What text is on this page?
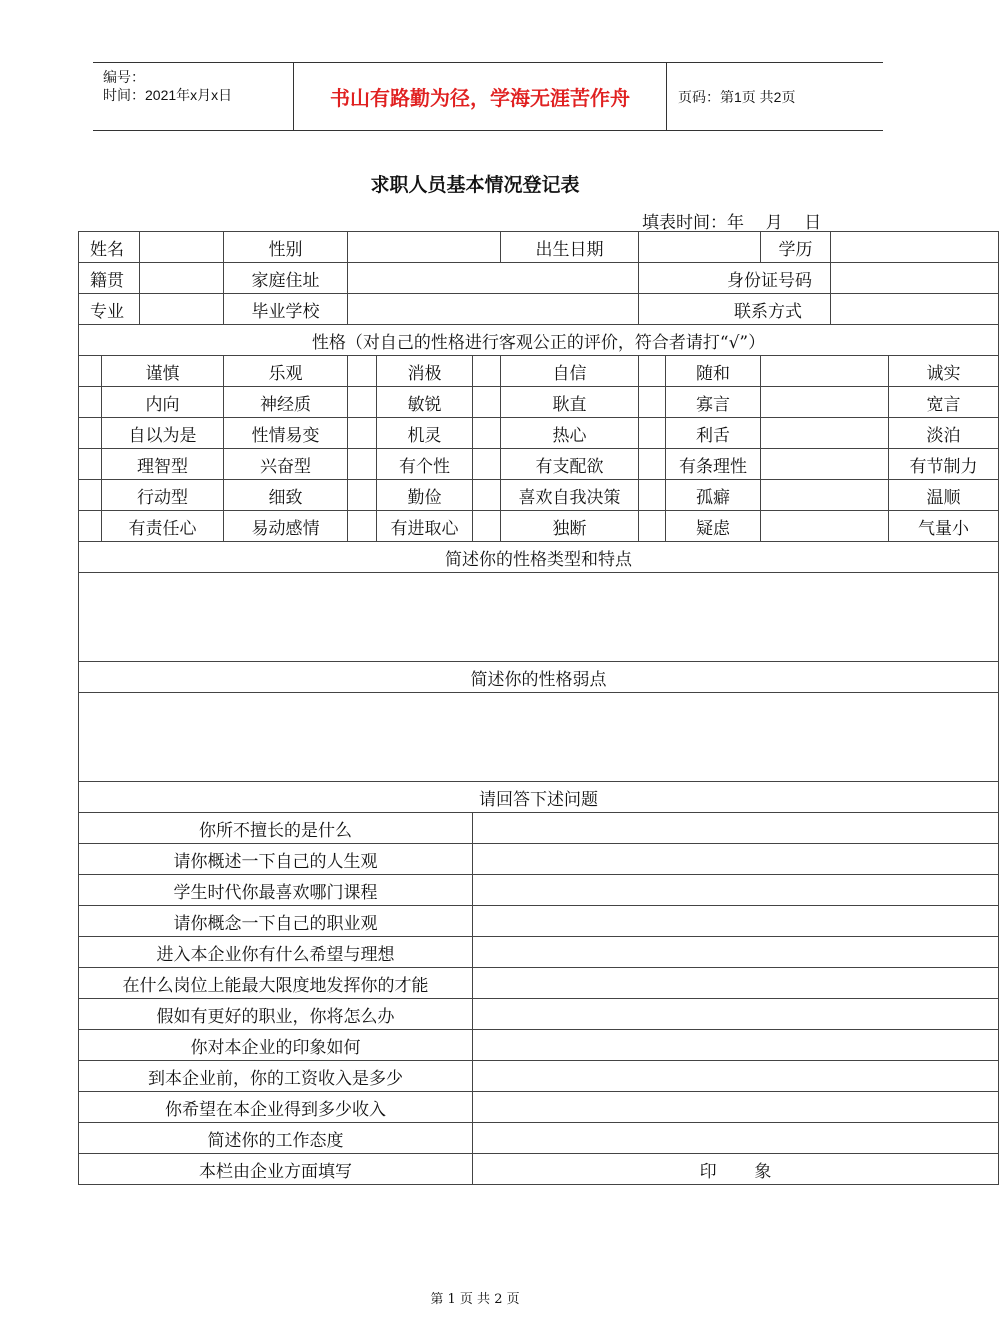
编号：
时间：2021年x月x日	书山有路勤为径，学海无涯苦作舟	页码：第1页 共2页
求职人员基本情况登记表
填表时间：年    月    日
姓名			性别				出生日期			学历		
籍贯			家庭住址					身份证号码				
专业			毕业学校					联系方式				
性格（对自己的性格进行客观公正的评价，符合者请打“√”）												
	谨慎		乐观		消极		自信		随和			诚实
	内向		神经质		敏锐		耿直		寡言			宽言
	自以为是		性情易变		机灵		热心		利舌			淡泊
	理智型		兴奋型		有个性		有支配欲		有条理性			有节制力
	行动型		细致		勤俭		喜欢自我决策		孤癖			温顺
	有责任心		易动感情		有进取心		独断		疑虑			气量小
简述你的性格类型和特点												

简述你的性格弱点												

请回答下述问题												
你所不擅长的是什么												
请你概述一下自己的人生观												
学生时代你最喜欢哪门课程												
请你概念一下自己的职业观												
进入本企业你有什么希望与理想												
在什么岗位上能最大限度地发挥你的才能												
假如有更好的职业，你将怎么办												
你对本企业的印象如何												
到本企业前，你的工资收入是多少												
你希望在本企业得到多少收入												
简述你的工作态度												
本栏由企业方面填写						印       象						
第 1 页 共 2 页
